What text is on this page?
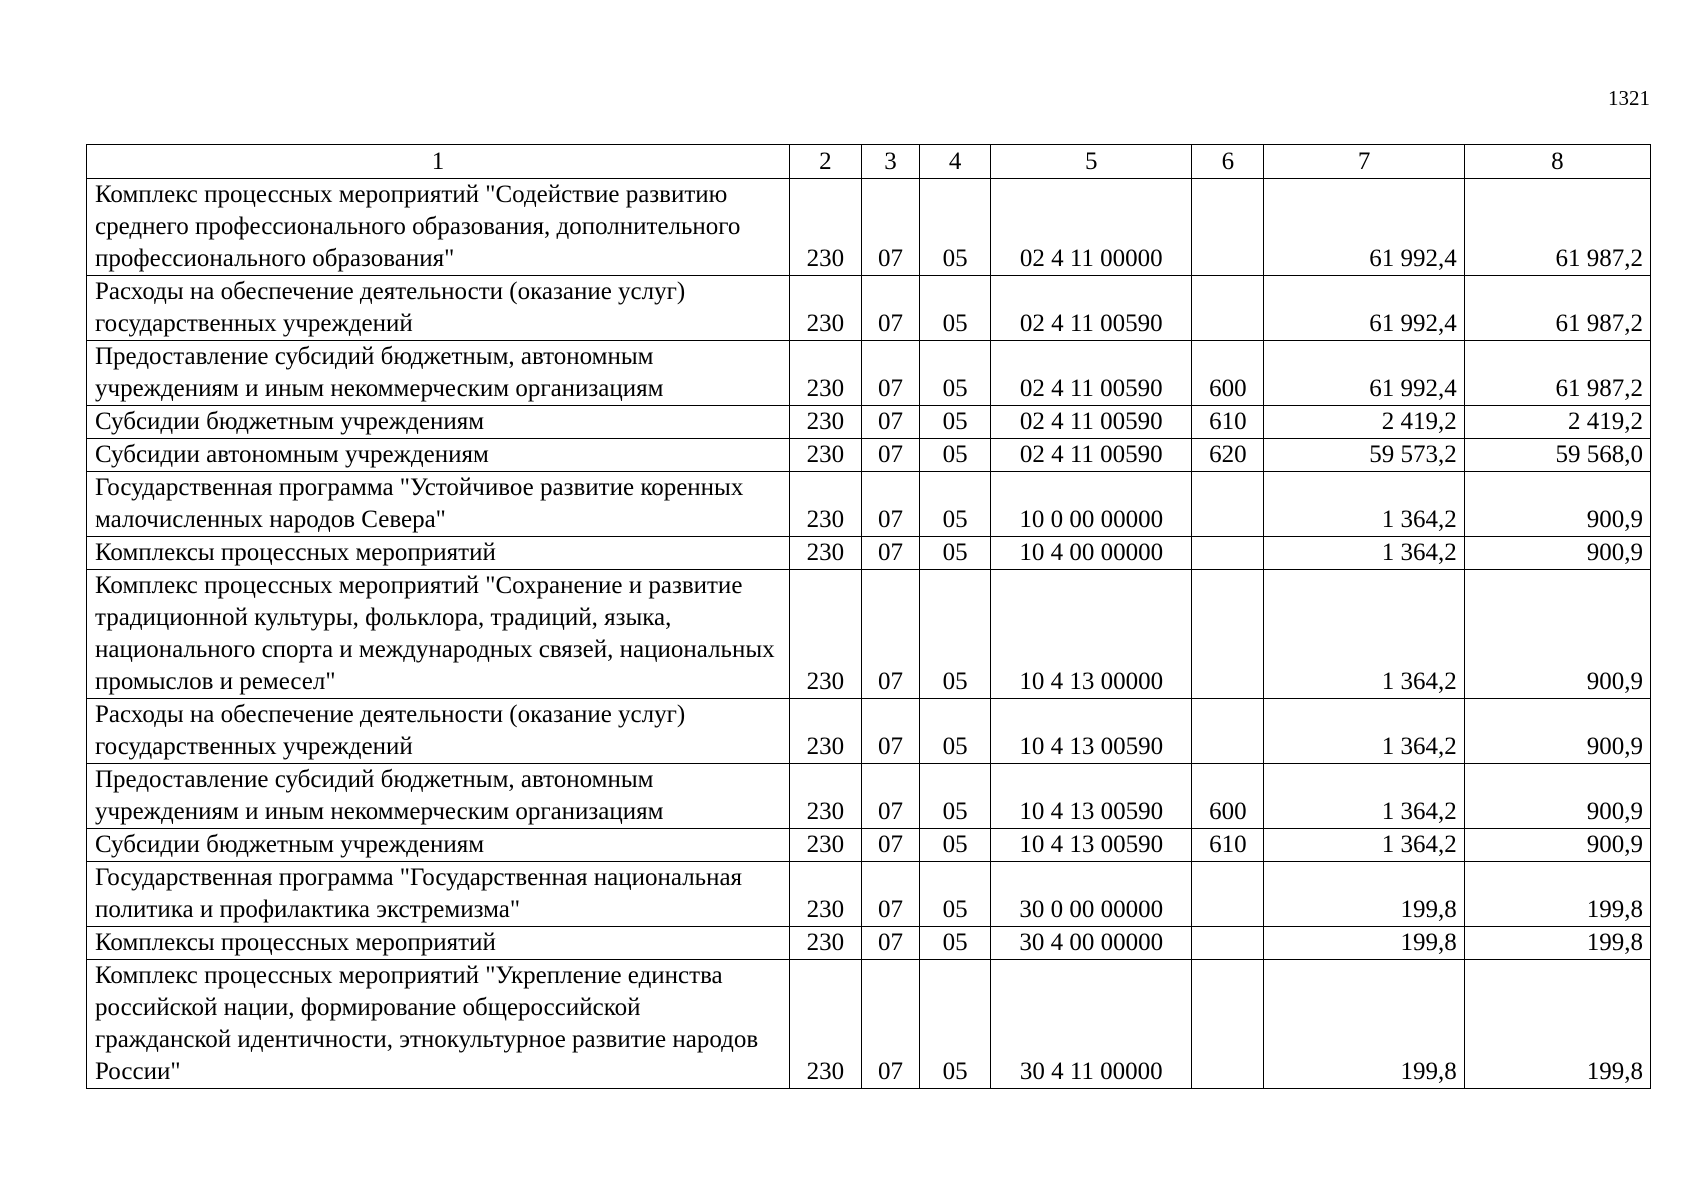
1321
1	2	3	4	5	6	7	8
Комплекс процессных мероприятий "Содействие развитию среднего профессионального образования, дополнительного профессионального образования"	230	07	05	02 4 11 00000		61 992,4	61 987,2
Расходы на обеспечение деятельности (оказание услуг) государственных учреждений	230	07	05	02 4 11 00590		61 992,4	61 987,2
Предоставление субсидий бюджетным, автономным учреждениям и иным некоммерческим организациям	230	07	05	02 4 11 00590	600	61 992,4	61 987,2
Субсидии бюджетным учреждениям	230	07	05	02 4 11 00590	610	2 419,2	2 419,2
Субсидии автономным учреждениям	230	07	05	02 4 11 00590	620	59 573,2	59 568,0
Государственная программа "Устойчивое развитие коренных малочисленных народов Севера"	230	07	05	10 0 00 00000		1 364,2	900,9
Комплексы процессных мероприятий	230	07	05	10 4 00 00000		1 364,2	900,9
Комплекс процессных мероприятий "Сохранение и развитие традиционной культуры, фольклора, традиций, языка, национального спорта и международных связей, национальных промыслов и ремесел"	230	07	05	10 4 13 00000		1 364,2	900,9
Расходы на обеспечение деятельности (оказание услуг) государственных учреждений	230	07	05	10 4 13 00590		1 364,2	900,9
Предоставление субсидий бюджетным, автономным учреждениям и иным некоммерческим организациям	230	07	05	10 4 13 00590	600	1 364,2	900,9
Субсидии бюджетным учреждениям	230	07	05	10 4 13 00590	610	1 364,2	900,9
Государственная программа "Государственная национальная политика и профилактика экстремизма"	230	07	05	30 0 00 00000		199,8	199,8
Комплексы процессных мероприятий	230	07	05	30 4 00 00000		199,8	199,8
Комплекс процессных мероприятий "Укрепление единства российской нации, формирование общероссийской гражданской идентичности, этнокультурное развитие народов России"	230	07	05	30 4 11 00000		199,8	199,8
